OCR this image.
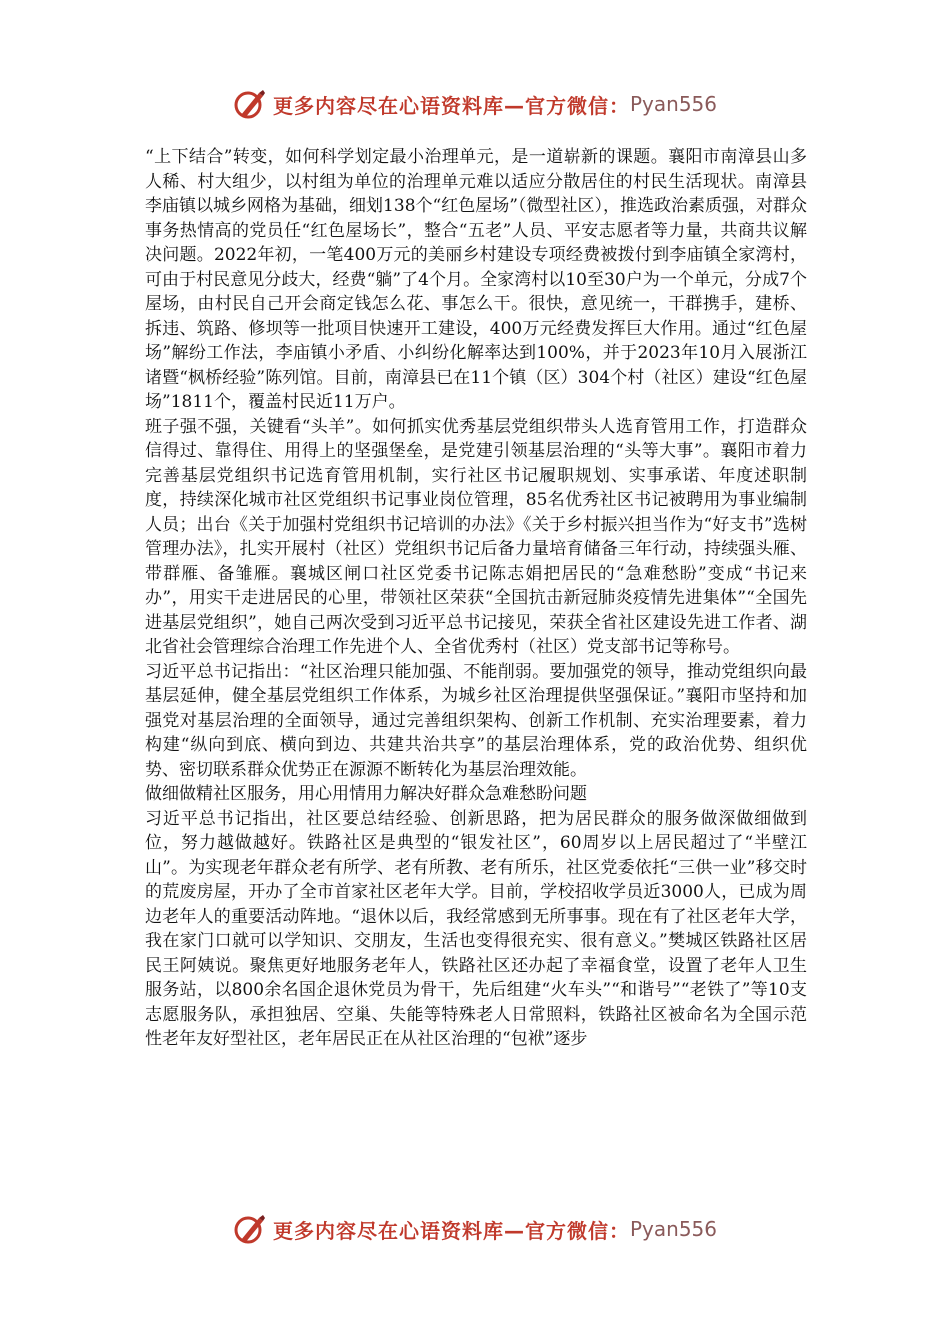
更多内容尽在心语资料库—官方微信： Pyan556

“上下结合”转变，如何科学划定最小治理单元，是一道崭新的课题。襄阳市南漳县山多人稀、村大组少，以村组为单位的治理单元难以适应分散居住的村民生活现状。南漳县李庙镇以城乡网格为基础，细划138个“红色屋场”（微型社区），推选政治素质强，对群众事务热情高的党员任“红色屋场长”，整合“五老”人员、平安志愿者等力量，共商共议解决问题。2022年初，一笔400万元的美丽乡村建设专项经费被拨付到李庙镇全家湾村，可由于村民意见分歧大，经费“躺”了4个月。全家湾村以10至30户为一个单元，分成7个屋场，由村民自己开会商定钱怎么花、事怎么干。很快，意见统一，干群携手，建桥、拆违、筑路、修坝等一批项目快速开工建设，400万元经费发挥巨大作用。通过“红色屋场”解纷工作法，李庙镇小矛盾、小纠纷化解率达到100%，并于2023年10月入展浙江诸暨“枫桥经验”陈列馆。目前，南漳县已在11个镇（区）304个村（社区）建设“红色屋场”1811个，覆盖村民近11万户。

班子强不强，关键看“头羊”。如何抓实优秀基层党组织带头人选育管用工作，打造群众信得过、靠得住、用得上的坚强堡垒，是党建引领基层治理的“头等大事”。襄阳市着力完善基层党组织书记选育管用机制，实行社区书记履职规划、实事承诺、年度述职制度，持续深化城市社区党组织书记事业岗位管理，85名优秀社区书记被聘用为事业编制人员；出台《关于加强村党组织书记培训的办法》《关于乡村振兴担当作为“好支书”选树管理办法》，扎实开展村（社区）党组织书记后备力量培育储备三年行动，持续强头雁、带群雁、备雏雁。襄城区闸口社区党委书记陈志娟把居民的“急难愁盼”变成“书记来办”，用实干走进居民的心里，带领社区荣获“全国抗击新冠肺炎疫情先进集体”“全国先进基层党组织”，她自己两次受到习近平总书记接见，荣获全省社区建设先进工作者、湖北省社会管理综合治理工作先进个人、全省优秀村（社区）党支部书记等称号。

习近平总书记指出：“社区治理只能加强、不能削弱。要加强党的领导，推动党组织向最基层延伸，健全基层党组织工作体系，为城乡社区治理提供坚强保证。”襄阳市坚持和加强党对基层治理的全面领导，通过完善组织架构、创新工作机制、充实治理要素，着力构建“纵向到底、横向到边、共建共治共享”的基层治理体系，党的政治优势、组织优势、密切联系群众优势正在源源不断转化为基层治理效能。

做细做精社区服务，用心用情用力解决好群众急难愁盼问题

习近平总书记指出，社区要总结经验、创新思路，把为居民群众的服务做深做细做到位，努力越做越好。铁路社区是典型的“银发社区”，60周岁以上居民超过了“半壁江山”。为实现老年群众老有所学、老有所教、老有所乐，社区党委依托“三供一业”移交时的荒废房屋，开办了全市首家社区老年大学。目前，学校招收学员近3000人，已成为周边老年人的重要活动阵地。“退休以后，我经常感到无所事事。现在有了社区老年大学，我在家门口就可以学知识、交朋友，生活也变得很充实、很有意义。”樊城区铁路社区居民王阿姨说。聚焦更好地服务老年人，铁路社区还办起了幸福食堂，设置了老年人卫生服务站，以800余名国企退休党员为骨干，先后组建“火车头”“和谐号”“老铁了”等10支志愿服务队，承担独居、空巢、失能等特殊老人日常照料，铁路社区被命名为全国示范性老年友好型社区，老年居民正在从社区治理的“包袱”逐步

更多内容尽在心语资料库—官方微信： Pyan556
